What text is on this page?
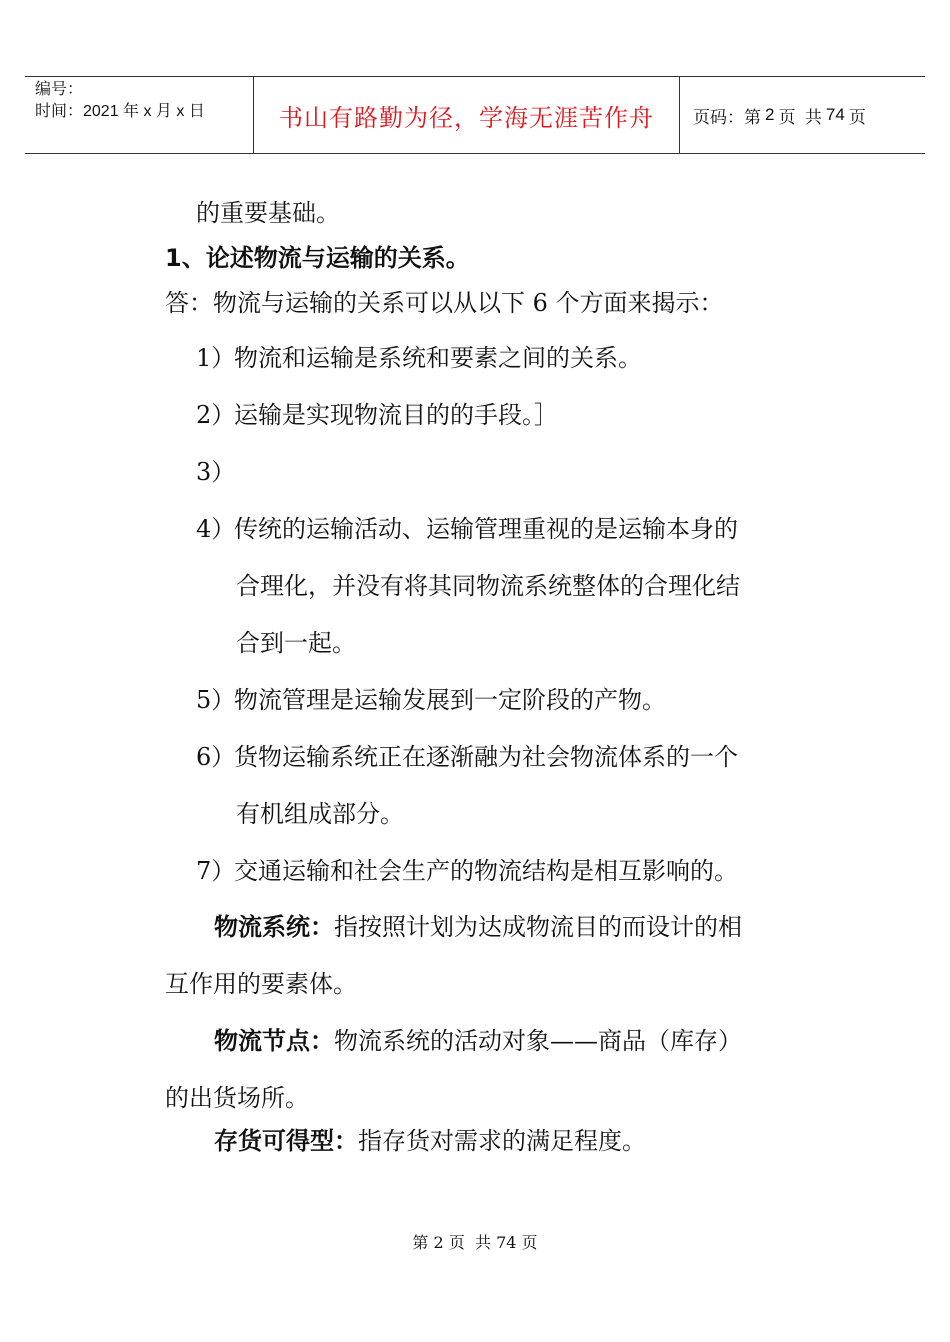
编号：
时间：2021 年 x 月 x 日	书山有路勤为径，学海无涯苦作舟 页码：第 2 页  共 74 页
的重要基础。
1、论述物流与运输的关系。
答：物流与运输的关系可以从以下 6 个方面来揭示：
1）物流和运输是系统和要素之间的关系。
2）运输是实现物流目的的手段。］
3）
4）传统的运输活动、运输管理重视的是运输本身的
合理化，并没有将其同物流系统整体的合理化结
合到一起。
5）物流管理是运输发展到一定阶段的产物。
6）货物运输系统正在逐渐融为社会物流体系的一个
有机组成部分。
7）交通运输和社会生产的物流结构是相互影响的。
物流系统：指按照计划为达成物流目的而设计的相
互作用的要素体。
物流节点：物流系统的活动对象——商品（库存）
的出货场所。
存货可得型：指存货对需求的满足程度。
第 2 页  共 74 页
